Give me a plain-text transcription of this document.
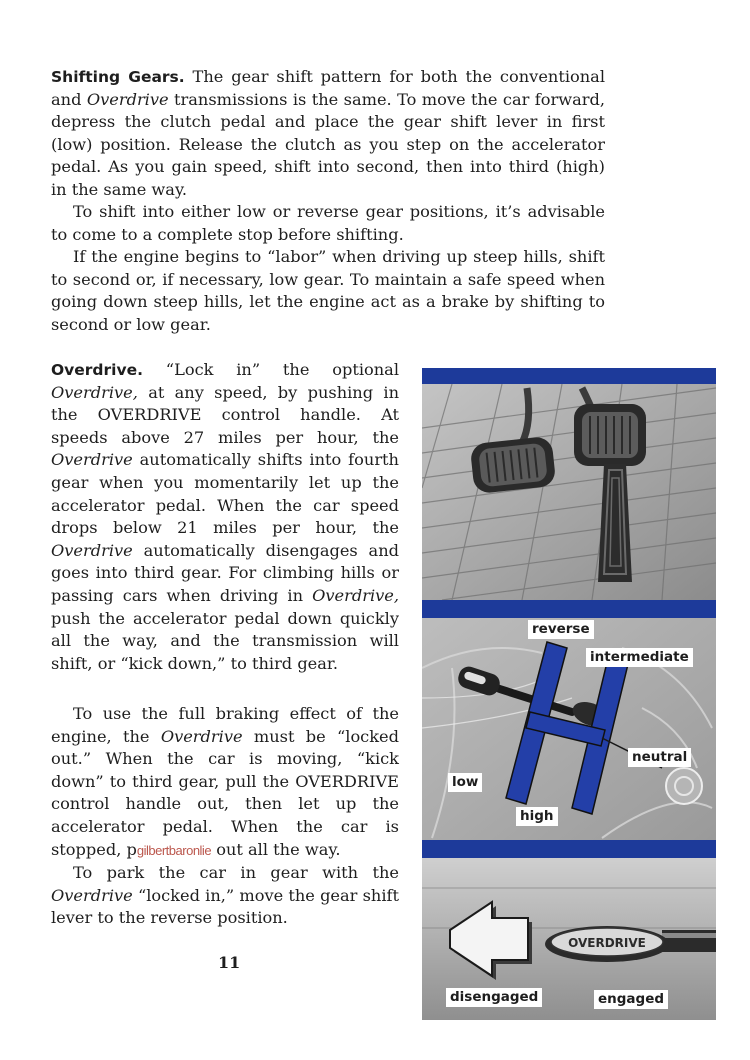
Shifting Gears. The gear shift pattern for both the conventional and Overdrive transmissions is the same. To move the car forward, depress the clutch pedal and place the gear shift lever in first (low) position. Release the clutch as you step on the accelerator pedal. As you gain speed, shift into second, then into third (high) in the same way.

To shift into either low or reverse gear positions, it’s advisable to come to a complete stop before shifting.

If the engine begins to “labor” when driving up steep hills, shift to second or, if necessary, low gear. To maintain a safe speed when going down steep hills, let the engine act as a brake by shifting to second or low gear.

Overdrive. “Lock in” the optional Overdrive, at any speed, by pushing in the OVERDRIVE control handle. At speeds above 27 miles per hour, the Overdrive automatically shifts into fourth gear when you momentarily let up the accelerator pedal. When the car speed drops below 21 miles per hour, the Overdrive automatically disengages and goes into third gear. For climbing hills or passing cars when driving in Overdrive, push the accelerator pedal down quickly all the way, and the transmission will shift, or “kick down,” to third gear.

To use the full braking effect of the engine, the Overdrive must be “locked out.” When the car is moving, “kick down” to third gear, pull the OVERDRIVE control handle out, then let up the accelerator pedal. When the car is stopped, pgilbertbaronlie out all the way.

To park the car in gear with the Overdrive “locked in,” move the gear shift lever to the reverse position.

11
OVERDRIVE
reverse
intermediate
neutral
low
high
disengaged	engaged
